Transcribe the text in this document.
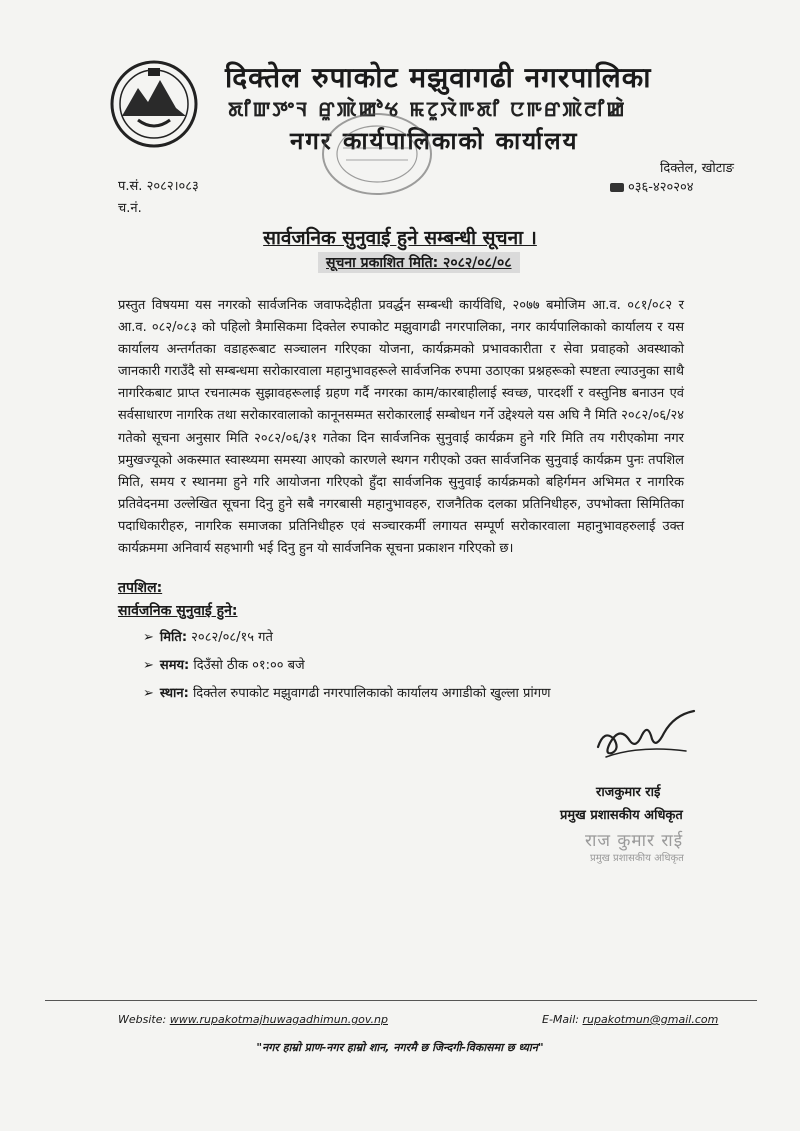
दिक्तेल रुपाकोट मझुवागढी नगरपालिका
ꯗꯤꯛꯇꯦꯜ ꯔꯨꯄꯥꯀꯣꯠ ꯃꯖꯨꯋꯥꯒꯗꯤ ꯅꯒꯔꯄꯥꯂꯤꯀꯥ
नगर कार्यपालिकाको कार्यालय
दिक्तेल, खोटाङ
०३६-४२०२०४
प.सं. २०८२।०८३
च.नं.
सार्वजनिक सुनुवाई हुने सम्बन्धी सूचना ।
सूचना प्रकाशित मिति: २०८२/०८/०८
प्रस्तुत विषयमा यस नगरको सार्वजनिक जवाफदेहीता प्रवर्द्धन सम्बन्धी कार्यविधि, २०७७ बमोजिम आ.व. ०८१/०८२ र आ.व. ०८२/०८३ को पहिलो त्रैमासिकमा दिक्तेल रुपाकोट मझुवागढी नगरपालिका, नगर कार्यपालिकाको कार्यालय र यस कार्यालय अन्तर्गतका वडाहरूबाट सञ्चालन गरिएका योजना, कार्यक्रमको प्रभावकारीता र सेवा प्रवाहको अवस्थाको जानकारी गराउँदै सो सम्बन्धमा सरोकारवाला महानुभावहरूले सार्वजनिक रुपमा उठाएका प्रश्नहरूको स्पष्टता ल्याउनुका साथै नागरिकबाट प्राप्त रचनात्मक सुझावहरूलाई ग्रहण गर्दै नगरका काम/कारबाहीलाई स्वच्छ, पारदर्शी र वस्तुनिष्ठ बनाउन एवं सर्वसाधारण नागरिक तथा सरोकारवालाको कानूनसम्मत सरोकारलाई सम्बोधन गर्ने उद्देश्यले यस अघि नै मिति २०८२/०६/२४ गतेको सूचना अनुसार मिति २०८२/०६/३१ गतेका दिन सार्वजनिक सुनुवाई कार्यक्रम हुने गरि मिति तय गरीएकोमा नगर प्रमुखज्यूको अकस्मात स्वास्थ्यमा समस्या आएको कारणले स्थगन गरीएको उक्त सार्वजनिक सुनुवाई कार्यक्रम पुनः तपशिल मिति, समय र स्थानमा हुने गरि आयोजना गरिएको हुँदा सार्वजनिक सुनुवाई कार्यक्रमको बहिर्गमन अभिमत र नागरिक प्रतिवेदनमा उल्लेखित सूचना दिनु हुने सबै नगरबासी महानुभावहरु, राजनैतिक दलका प्रतिनिधीहरु, उपभोक्ता सिमितिका पदाधिकारीहरु, नागरिक समाजका प्रतिनिधीहरु एवं सञ्चारकर्मी लगायत सम्पूर्ण सरोकारवाला महानुभावहरुलाई उक्त कार्यक्रममा अनिवार्य सहभागी भई दिनु हुन यो सार्वजनिक सूचना प्रकाशन गरिएको छ।
तपशिल:
सार्वजनिक सुनुवाई हुने:
➢ मिति: २०८२/०८/१५ गते
➢ समय: दिउँसो ठीक ०१:०० बजे
➢ स्थान: दिक्तेल रुपाकोट मझुवागढी नगरपालिकाको कार्यालय अगाडीको खुल्ला प्रांगण
राजकुमार राई
प्रमुख प्रशासकीय अधिकृत
राज कुमार राई
प्रमुख प्रशासकीय अधिकृत
Website: www.rupakotmajhuwagadhimun.gov.np	E-Mail: rupakotmun@gmail.com
"नगर हाम्रो प्राण-नगर हाम्रो शान, नगरमै छ जिन्दगी-विकासमा छ ध्यान"
